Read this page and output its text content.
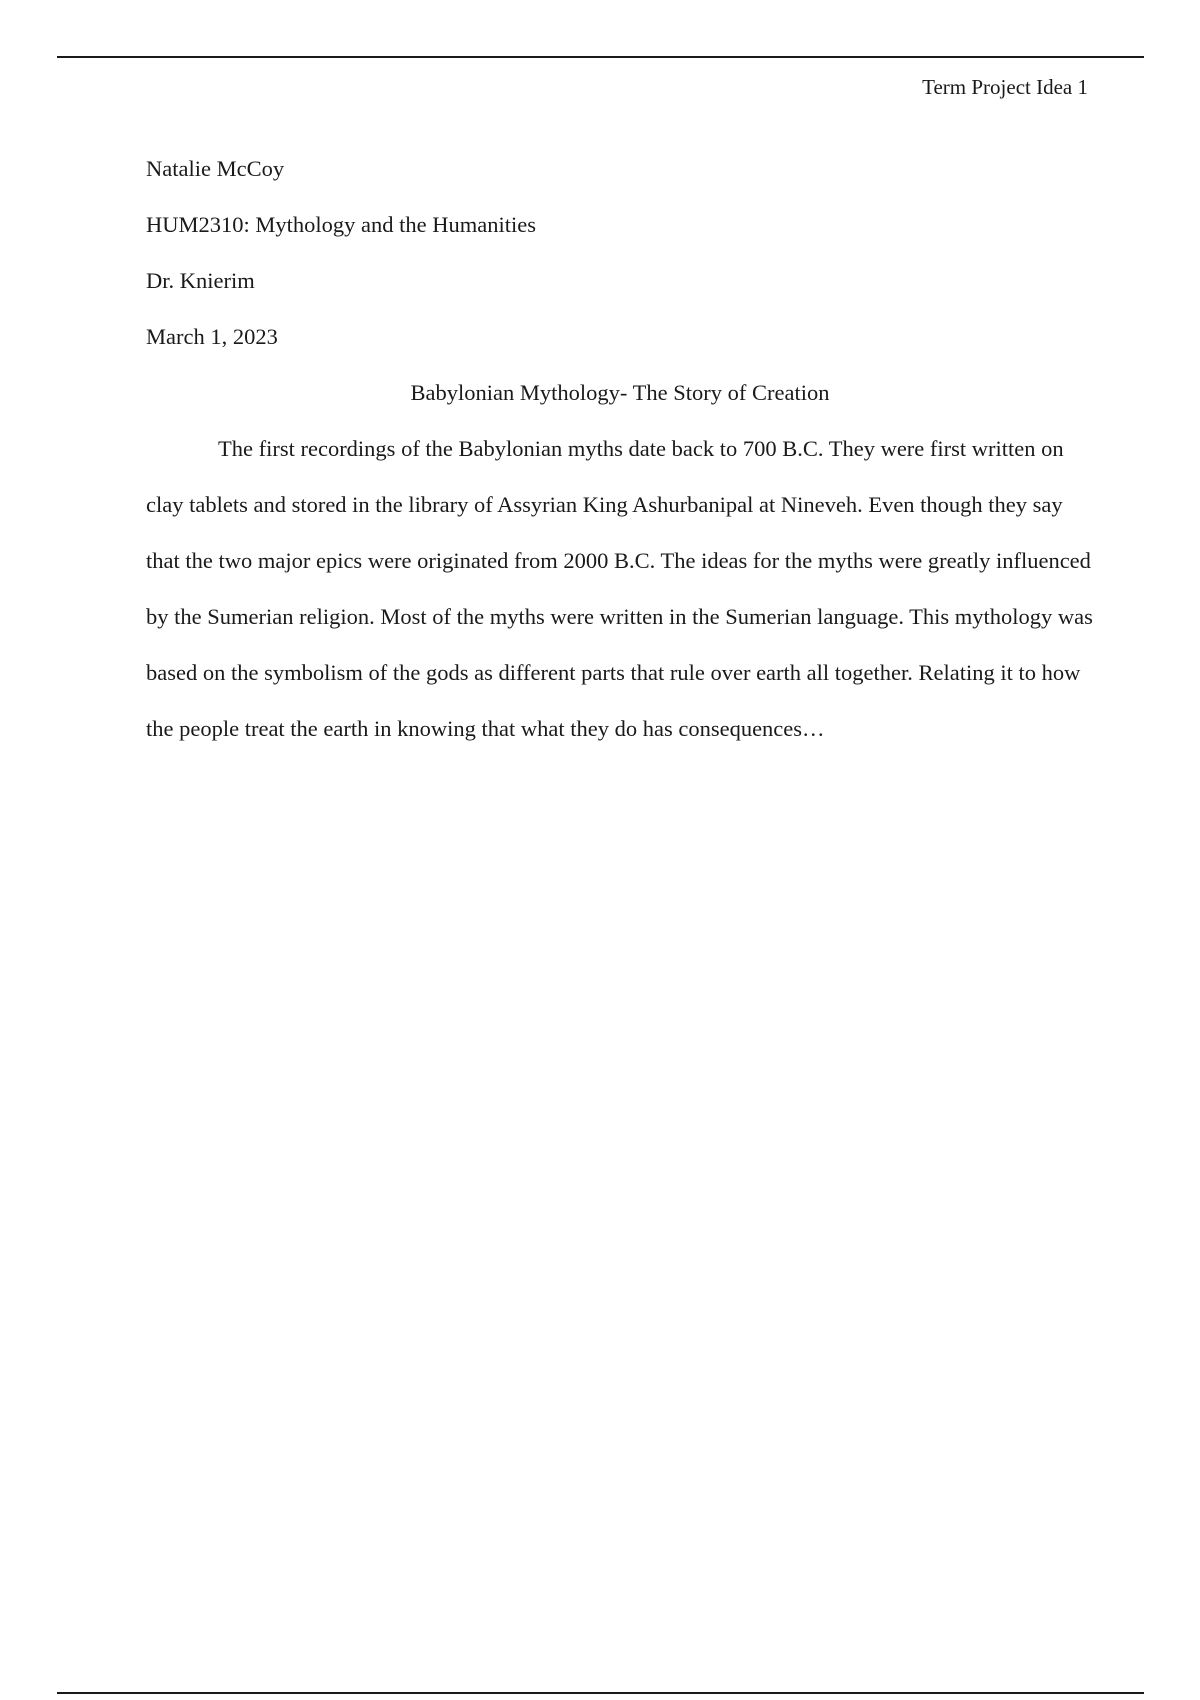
Term Project Idea 1

Natalie McCoy

HUM2310: Mythology and the Humanities

Dr. Knierim

March 1, 2023

Babylonian Mythology- The Story of Creation

The first recordings of the Babylonian myths date back to 700 B.C. They were first written on clay tablets and stored in the library of Assyrian King Ashurbanipal at Nineveh. Even though they say that the two major epics were originated from 2000 B.C. The ideas for the myths were greatly influenced by the Sumerian religion. Most of the myths were written in the Sumerian language. This mythology was based on the symbolism of the gods as different parts that rule over earth all together. Relating it to how the people treat the earth in knowing that what they do has consequences…
